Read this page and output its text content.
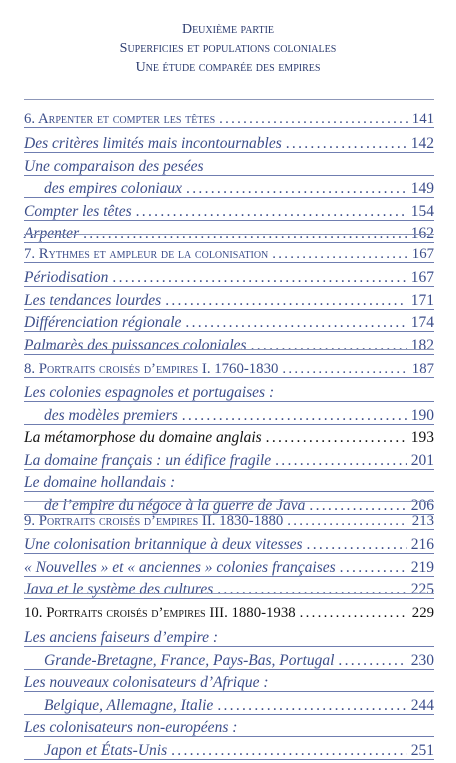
Deuxième partie
Superficies et populations coloniales
Une étude comparée des empires
6. Arpenter et compter les têtes .....	141
Des critères limités mais incontournables .....	142
Une comparaison des pesées
des empires coloniaux .....	149
Compter les têtes .....	154
Arpenter .....	162
7. Rythmes et ampleur de la colonisation .....	167
Périodisation .....	167
Les tendances lourdes .....	171
Différenciation régionale .....	174
Palmarès des puissances coloniales .....	182
8. Portraits croisés d’empires I. 1760-1830 .....	187
Les colonies espagnoles et portugaises :
des modèles premiers .....	190
La métamorphose du domaine anglais .....	193
La domaine français : un édifice fragile .....	201
Le domaine hollandais :
de l’empire du négoce à la guerre de Java .....	206
9. Portraits croisés d’empires II. 1830-1880 .....	213
Une colonisation britannique à deux vitesses .....	216
« Nouvelles » et « anciennes » colonies françaises .....	219
Java et le système des cultures .....	225
10. Portraits croisés d’empires III. 1880-1938 .....	229
Les anciens faiseurs d’empire :
Grande-Bretagne, France, Pays-Bas, Portugal .....	230
Les nouveaux colonisateurs d’Afrique :
Belgique, Allemagne, Italie .....	244
Les colonisateurs non-européens :
Japon et États-Unis .....	251
